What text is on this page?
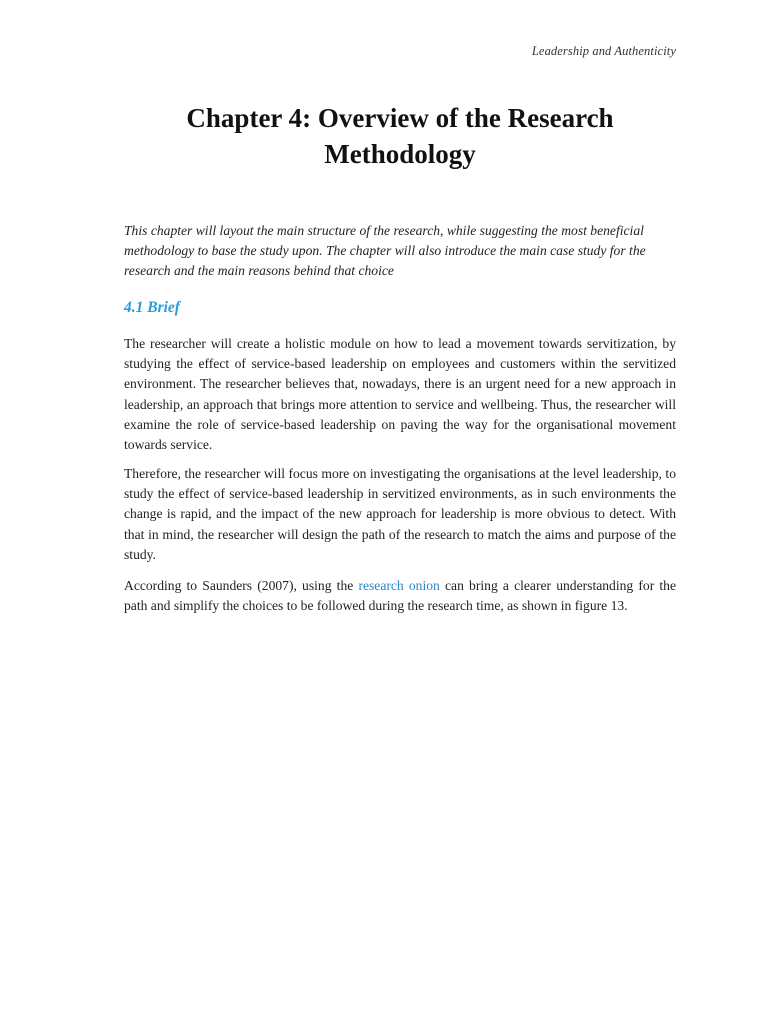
Leadership and Authenticity
Chapter 4: Overview of the Research Methodology

This chapter will layout the main structure of the research, while suggesting the most beneficial methodology to base the study upon. The chapter will also introduce the main case study for the research and the main reasons behind that choice

4.1 Brief

The researcher will create a holistic module on how to lead a movement towards servitization, by studying the effect of service-based leadership on employees and customers within the servitized environment. The researcher believes that, nowadays, there is an urgent need for a new approach in leadership, an approach that brings more attention to service and wellbeing. Thus, the researcher will examine the role of service-based leadership on paving the way for the organisational movement towards service.

Therefore, the researcher will focus more on investigating the organisations at the level leadership, to study the effect of service-based leadership in servitized environments, as in such environments the change is rapid, and the impact of the new approach for leadership is more obvious to detect. With that in mind, the researcher will design the path of the research to match the aims and purpose of the study.

According to Saunders (2007), using the research onion can bring a clearer understanding for the path and simplify the choices to be followed during the research time, as shown in figure 13.
